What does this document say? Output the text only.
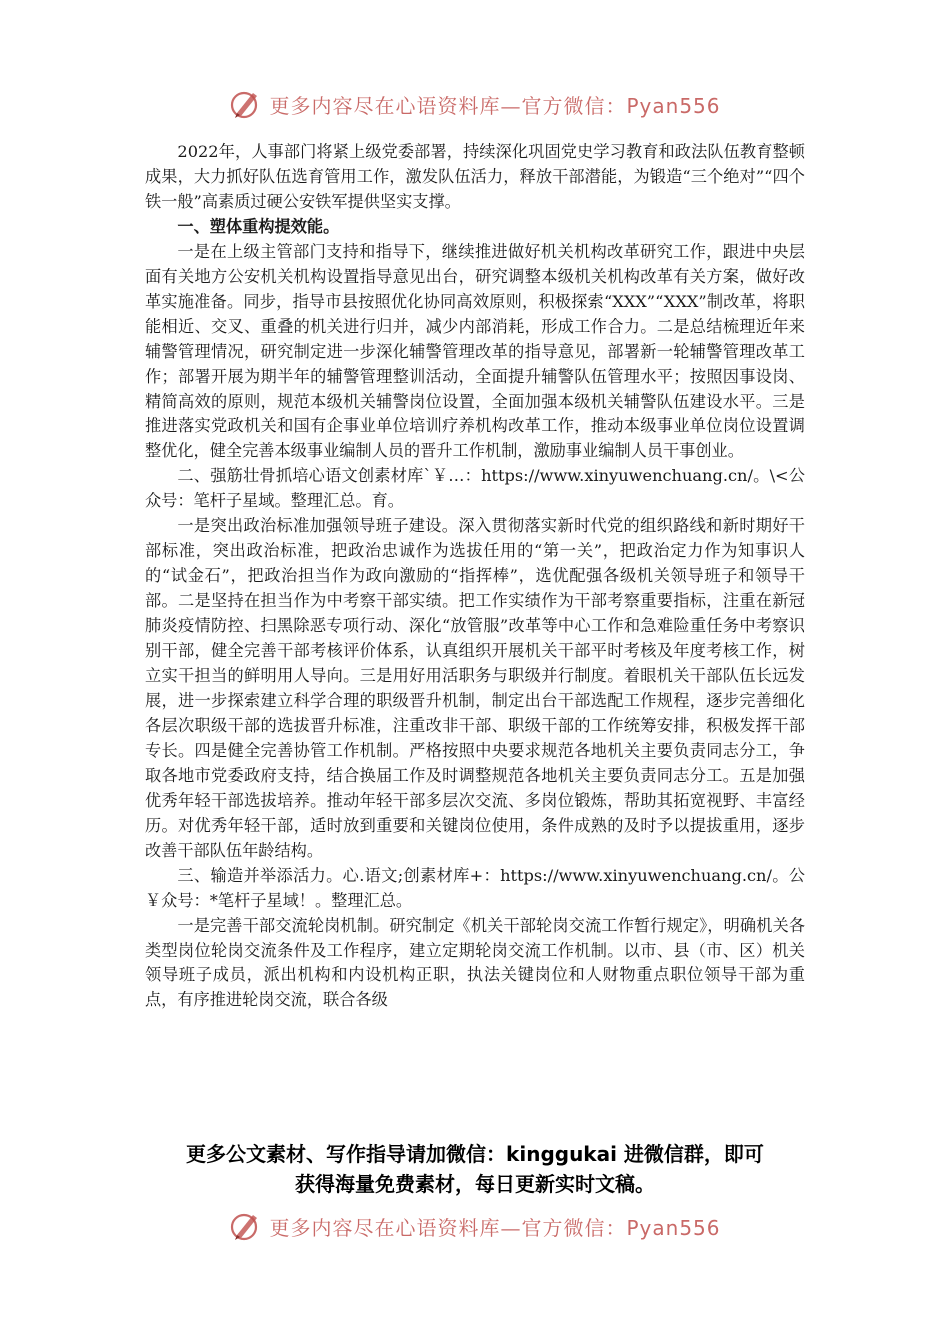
更多内容尽在心语资料库—官方微信：Pyan556

2022年，人事部门将紧上级党委部署，持续深化巩固党史学习教育和政法队伍教育整顿成果，大力抓好队伍选育管用工作，激发队伍活力，释放干部潜能，为锻造“三个绝对”“四个铁一般”高素质过硬公安铁军提供坚实支撑。

一、塑体重构提效能。

一是在上级主管部门支持和指导下，继续推进做好机关机构改革研究工作，跟进中央层面有关地方公安机关机构设置指导意见出台，研究调整本级机关机构改革有关方案，做好改革实施准备。同步，指导市县按照优化协同高效原则，积极探索“XXX”“XXX”制改革，将职能相近、交叉、重叠的机关进行归并，减少内部消耗，形成工作合力。二是总结梳理近年来辅警管理情况，研究制定进一步深化辅警管理改革的指导意见，部署新一轮辅警管理改革工作；部署开展为期半年的辅警管理整训活动，全面提升辅警队伍管理水平；按照因事设岗、精简高效的原则，规范本级机关辅警岗位设置，全面加强本级机关辅警队伍建设水平。三是推进落实党政机关和国有企事业单位培训疗养机构改革工作，推动本级事业单位岗位设置调整优化，健全完善本级事业编制人员的晋升工作机制，激励事业编制人员干事创业。

二、强筋壮骨抓培心语文创素材库`￥…：https://www.xinyuwenchuang.cn/。\<公众号：笔杆子星域。整理汇总。育。

一是突出政治标准加强领导班子建设。深入贯彻落实新时代党的组织路线和新时期好干部标准，突出政治标准，把政治忠诚作为选拔任用的“第一关”，把政治定力作为知事识人的“试金石”，把政治担当作为政向激励的“指挥棒”，选优配强各级机关领导班子和领导干部。二是坚持在担当作为中考察干部实绩。把工作实绩作为干部考察重要指标，注重在新冠肺炎疫情防控、扫黑除恶专项行动、深化“放管服”改革等中心工作和急难险重任务中考察识别干部，健全完善干部考核评价体系，认真组织开展机关干部平时考核及年度考核工作，树立实干担当的鲜明用人导向。三是用好用活职务与职级并行制度。着眼机关干部队伍长远发展，进一步探索建立科学合理的职级晋升机制，制定出台干部选配工作规程，逐步完善细化各层次职级干部的选拔晋升标准，注重改非干部、职级干部的工作统筹安排，积极发挥干部专长。四是健全完善协管工作机制。严格按照中央要求规范各地机关主要负责同志分工，争取各地市党委政府支持，结合换届工作及时调整规范各地机关主要负责同志分工。五是加强优秀年轻干部选拔培养。推动年轻干部多层次交流、多岗位锻炼，帮助其拓宽视野、丰富经历。对优秀年轻干部，适时放到重要和关键岗位使用，条件成熟的及时予以提拔重用，逐步改善干部队伍年龄结构。

三、输造并举添活力。心.语文;创素材库+：https://www.xinyuwenchuang.cn/。公￥众号：*笔杆子星域！。整理汇总。

一是完善干部交流轮岗机制。研究制定《机关干部轮岗交流工作暂行规定》，明确机关各类型岗位轮岗交流条件及工作程序，建立定期轮岗交流工作机制。以市、县（市、区）机关领导班子成员，派出机构和内设机构正职，执法关键岗位和人财物重点职位领导干部为重点，有序推进轮岗交流，联合各级

更多公文素材、写作指导请加微信：kinggukai 进微信群，即可
获得海量免费素材，每日更新实时文稿。
更多内容尽在心语资料库—官方微信：Pyan556
